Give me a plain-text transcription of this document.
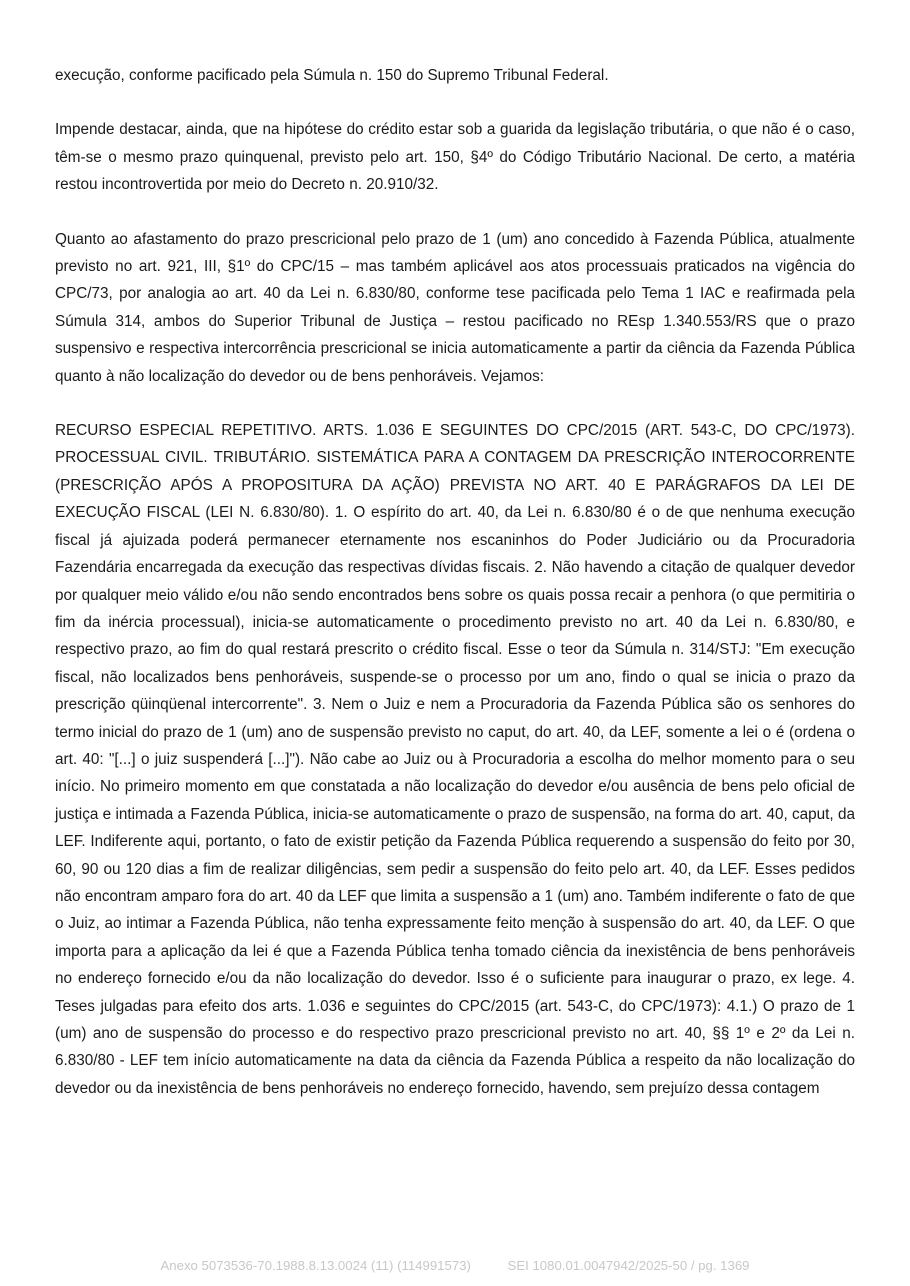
execução, conforme pacificado pela Súmula n. 150 do Supremo Tribunal Federal.

Impende destacar, ainda, que na hipótese do crédito estar sob a guarida da legislação tributária, o que não é o caso, têm-se o mesmo prazo quinquenal, previsto pelo art. 150, §4º do Código Tributário Nacional. De certo, a matéria restou incontrovertida por meio do Decreto n. 20.910/32.

Quanto ao afastamento do prazo prescricional pelo prazo de 1 (um) ano concedido à Fazenda Pública, atualmente previsto no art. 921, III, §1º do CPC/15 – mas também aplicável aos atos processuais praticados na vigência do CPC/73, por analogia ao art. 40 da Lei n. 6.830/80, conforme tese pacificada pelo Tema 1 IAC e reafirmada pela Súmula 314, ambos do Superior Tribunal de Justiça – restou pacificado no REsp 1.340.553/RS que o prazo suspensivo e respectiva intercorrência prescricional se inicia automaticamente a partir da ciência da Fazenda Pública quanto à não localização do devedor ou de bens penhoráveis. Vejamos:

RECURSO ESPECIAL REPETITIVO. ARTS. 1.036 E SEGUINTES DO CPC/2015 (ART. 543-C, DO CPC/1973). PROCESSUAL CIVIL. TRIBUTÁRIO. SISTEMÁTICA PARA A CONTAGEM DA PRESCRIÇÃO INTEROCORRENTE (PRESCRIÇÃO APÓS A PROPOSITURA DA AÇÃO) PREVISTA NO ART. 40 E PARÁGRAFOS DA LEI DE EXECUÇÃO FISCAL (LEI N. 6.830/80). 1. O espírito do art. 40, da Lei n. 6.830/80 é o de que nenhuma execução fiscal já ajuizada poderá permanecer eternamente nos escaninhos do Poder Judiciário ou da Procuradoria Fazendária encarregada da execução das respectivas dívidas fiscais. 2. Não havendo a citação de qualquer devedor por qualquer meio válido e/ou não sendo encontrados bens sobre os quais possa recair a penhora (o que permitiria o fim da inércia processual), inicia-se automaticamente o procedimento previsto no art. 40 da Lei n. 6.830/80, e respectivo prazo, ao fim do qual restará prescrito o crédito fiscal. Esse o teor da Súmula n. 314/STJ: "Em execução fiscal, não localizados bens penhoráveis, suspende-se o processo por um ano, findo o qual se inicia o prazo da prescrição qüinqüenal intercorrente". 3. Nem o Juiz e nem a Procuradoria da Fazenda Pública são os senhores do termo inicial do prazo de 1 (um) ano de suspensão previsto no caput, do art. 40, da LEF, somente a lei o é (ordena o art. 40: "[...] o juiz suspenderá [...]"). Não cabe ao Juiz ou à Procuradoria a escolha do melhor momento para o seu início. No primeiro momento em que constatada a não localização do devedor e/ou ausência de bens pelo oficial de justiça e intimada a Fazenda Pública, inicia-se automaticamente o prazo de suspensão, na forma do art. 40, caput, da LEF. Indiferente aqui, portanto, o fato de existir petição da Fazenda Pública requerendo a suspensão do feito por 30, 60, 90 ou 120 dias a fim de realizar diligências, sem pedir a suspensão do feito pelo art. 40, da LEF. Esses pedidos não encontram amparo fora do art. 40 da LEF que limita a suspensão a 1 (um) ano. Também indiferente o fato de que o Juiz, ao intimar a Fazenda Pública, não tenha expressamente feito menção à suspensão do art. 40, da LEF. O que importa para a aplicação da lei é que a Fazenda Pública tenha tomado ciência da inexistência de bens penhoráveis no endereço fornecido e/ou da não localização do devedor. Isso é o suficiente para inaugurar o prazo, ex lege. 4. Teses julgadas para efeito dos arts. 1.036 e seguintes do CPC/2015 (art. 543-C, do CPC/1973): 4.1.) O prazo de 1 (um) ano de suspensão do processo e do respectivo prazo prescricional previsto no art. 40, §§ 1º e 2º da Lei n. 6.830/80 - LEF tem início automaticamente na data da ciência da Fazenda Pública a respeito da não localização do devedor ou da inexistência de bens penhoráveis no endereço fornecido, havendo, sem prejuízo dessa contagem

Anexo 5073536-70.1988.8.13.0024 (11) (114991573)	SEI 1080.01.0047942/2025-50 / pg. 1369
